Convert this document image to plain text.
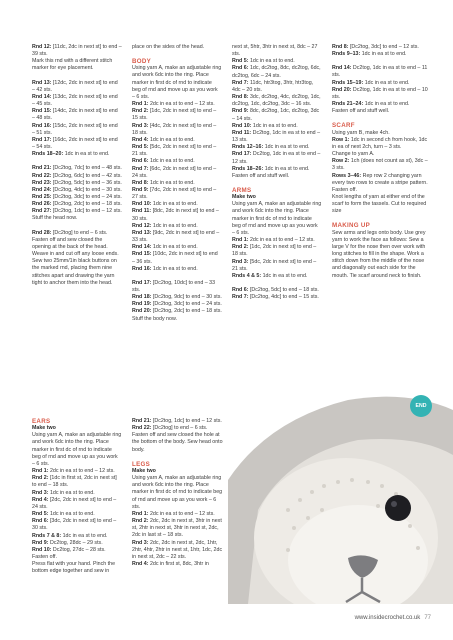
Rnd 12: [11dc, 2dc in next st] to end – 39 sts.

Mark this rnd with a different stitch marker for eye placement.

Rnd 13: [12dc, 2dc in next st] to end – 42 sts.

Rnd 14: [13dc, 2dc in next st] to end – 45 sts.

Rnd 15: [14dc, 2dc in next st] to end – 48 sts.

Rnd 16: [15dc, 2dc in next st] to end – 51 sts.

Rnd 17: [16dc, 2dc in next st] to end – 54 sts.

Rnds 18–20: 1dc in ea st to end.

Rnd 21: [Dc2tog, 7dc] to end – 48 sts.

Rnd 22: [Dc2tog, 6dc] to end – 42 sts.

Rnd 23: [Dc2tog, 5dc] to end – 36 sts.

Rnd 24: [Dc2tog, 4dc] to end – 30 sts.

Rnd 25: [Dc2tog, 3dc] to end – 24 sts.

Rnd 26: [Dc2tog, 2dc] to end – 18 sts.

Rnd 27: [Dc2tog, 1dc] to end – 12 sts.

Stuff the head now.

Rnd 28: [Dc2tog] to end – 6 sts.

Fasten off and sew closed the opening at the back of the head. Weave in and cut off any loose ends. Sew two 25mm/1in black buttons on the marked rnd, placing them nine stitches apart and drawing the yarn tight to anchor them into the head.

EARS

Make two

Using yarn A, make an adjustable ring and work 6dc into the ring. Place marker in first dc of rnd to indicate beg of rnd and move up as you work – 6 sts.

Rnd 1: 2dc in ea st to end – 12 sts.

Rnd 2: [1dc in first st, 2dc in next st] to end – 18 sts.

Rnd 3: 1dc in ea st to end.

Rnd 4: [2dc, 2dc in next st] to end – 24 sts.

Rnd 5: 1dc in ea st to end.

Rnd 6: [3dc, 2dc in next st] to end – 30 sts.

Rnds 7 & 8: 1dc in ea st to end.

Rnd 9: Dc2tog, 28dc – 29 sts.

Rnd 10: Dc2tog, 27dc – 28 sts.

Fasten off.

Press flat with your hand. Pinch the bottom edge together and sew in

place on the sides of the head.

BODY

Using yarn A, make an adjustable ring and work 6dc into the ring. Place marker in first dc of rnd to indicate beg of rnd and move up as you work – 6 sts.

Rnd 1: 2dc in ea st to end – 12 sts.

Rnd 2: [1dc, 2dc in next st] to end – 15 sts.

Rnd 3: [4dc, 2dc in next st] to end – 18 sts.

Rnd 4: 1dc in ea st to end.

Rnd 5: [5dc, 2dc in next st] to end – 21 sts.

Rnd 6: 1dc in ea st to end.

Rnd 7: [6dc, 2dc in next st] to end – 24 sts.

Rnd 8: 1dc in ea st to end.

Rnd 9: [7dc, 2dc in next st] to end – 27 sts.

Rnd 10: 1dc in ea st to end.

Rnd 11: [8dc, 2dc in next st] to end – 30 sts.

Rnd 12: 1dc in ea st to end.

Rnd 13: [9dc, 2dc in next st] to end – 33 sts.

Rnd 14: 1dc in ea st to end.

Rnd 15: [10dc, 2dc in next st] to end – 36 sts.

Rnd 16: 1dc in ea st to end.

Rnd 17: [Dc2tog, 10dc] to end – 33 sts.

Rnd 18: [Dc2tog, 9dc] to end – 30 sts.

Rnd 19: [Dc2tog, 3dc] to end – 24 sts.

Rnd 20: [Dc2tog, 2dc] to end – 18 sts.

Stuff the body now.

Rnd 21: [Dc2tog, 1dc] to end – 12 sts.

Rnd 22: [Dc2tog] to end – 6 sts.

Fasten off and sew closed the hole at the bottom of the body. Sew head onto body.

LEGS

Make two

Using yarn A, make an adjustable ring and work 6dc into the ring. Place marker in first dc of rnd to indicate beg of rnd and move up as you work – 6 sts.

Rnd 1: 2dc in ea st to end – 12 sts.

Rnd 2: 2dc, 2dc in next st, 3htr in next st, 2htr in next st, 3htr in next st, 2dc, 2dc in last st – 18 sts.

Rnd 3: 2dc, 2dc in next st, 2dc, 1htr, 2htr, 4htr, 2htr in next st, 1htr, 1dc, 2dc in next st, 2dc – 22 sts.

Rnd 4: 2dc in first st, 8dc, 3htr in

next st, 5htr, 3htr in next st, 8dc – 27 sts.

Rnd 5: 1dc in ea st to end.

Rnd 6: 1dc, dc2tog, 8dc, dc2tog, 6dc, dc2tog, 6dc – 24 sts.

Rnd 7: 11dc, htr3tog, 3htr, htr3tog, 4dc – 20 sts.

Rnd 8: 3dc, dc2tog, 4dc, dc2tog, 1dc, dc2tog, 1dc, dc2tog, 3dc – 16 sts.

Rnd 9: 8dc, dc2tog, 1dc, dc2tog, 3dc – 14 sts.

Rnd 10: 1dc in ea st to end.

Rnd 11: Dc2tog, 1dc in ea st to end – 13 sts.

Rnds 12–16: 1dc in ea st to end.

Rnd 17: Dc2tog, 1dc in ea st to end – 12 sts.

Rnds 18–26: 1dc in ea st to end.

Fasten off and stuff well.

ARMS

Make two

Using yarn A, make an adjustable ring and work 6dc into the ring. Place marker in first dc of rnd to indicate beg of rnd and move up as you work – 6 sts.

Rnd 1: 2dc in ea st to end – 12 sts.

Rnd 2: [1dc, 2dc in next st] to end – 18 sts.

Rnd 3: [5dc, 2dc in next st] to end – 21 sts.

Rnds 4 & 5: 1dc in ea st to end.

Rnd 6: [Dc2tog, 5dc] to end – 18 sts.

Rnd 7: [Dc2tog, 4dc] to end – 15 sts.

Rnd 8: [Dc2tog, 3dc] to end – 12 sts.

Rnds 9–13: 1dc in ea st to end.

Rnd 14: Dc2tog, 1dc in ea st to end – 11 sts.

Rnds 15–19: 1dc in ea st to end.

Rnd 20: Dc2tog, 1dc in ea st to end – 10 sts.

Rnds 21–24: 1dc in ea st to end.

Fasten off and stuff well.

SCARF

Using yarn B, make 4ch.

Row 1: 1dc in second ch from hook, 1dc in ea of next 2ch, turn – 3 sts.

Change to yarn A.

Row 2: 1ch (does not count as st), 3dc – 3 sts.

Rows 3–46: Rep row 2 changing yarn every two rows to create a stripe pattern.

Fasten off.

Knot lengths of yarn at either end of the scarf to form the tassels. Cut to required size

MAKING UP

Sew arms and legs onto body. Use grey yarn to work the face as follows: Sew a large V for the nose then over work with long stitches to fill in the shape. Work a stitch down from the middle of the nose and diagonally out each side for the mouth. Tie scarf around neck to finish.

END
www.insidecrochet.co.uk 77
